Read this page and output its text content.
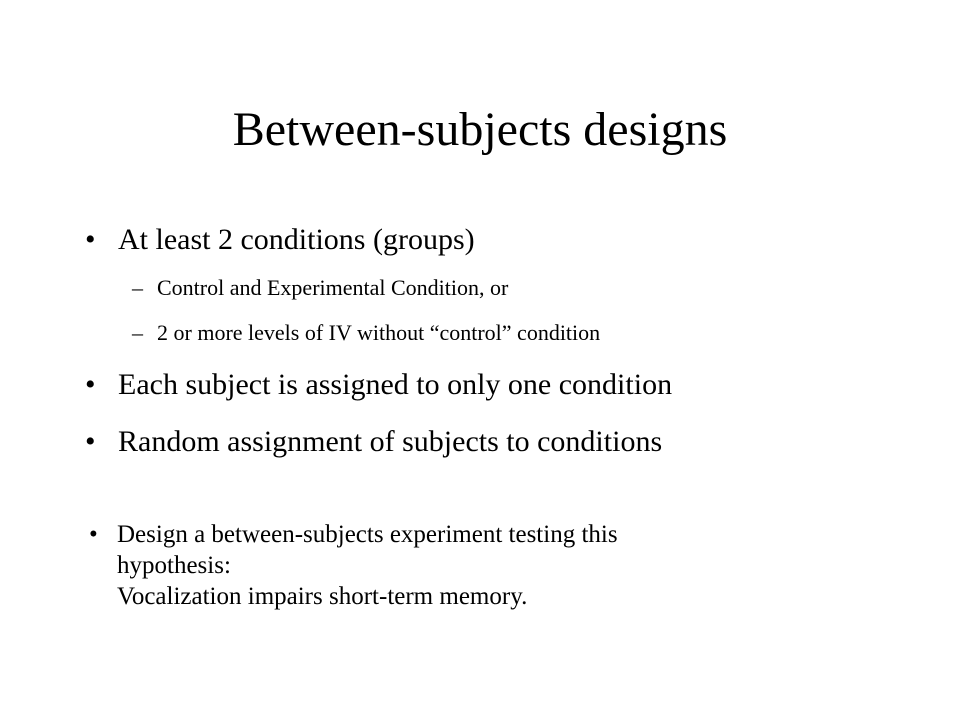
Between-subjects designs
• At least 2 conditions (groups)
– Control and Experimental Condition, or
– 2 or more levels of IV without “control” condition
• Each subject is assigned to only one condition
• Random assignment of subjects to conditions
• Design a between-subjects experiment testing this
hypothesis:
Vocalization impairs short-term memory.
